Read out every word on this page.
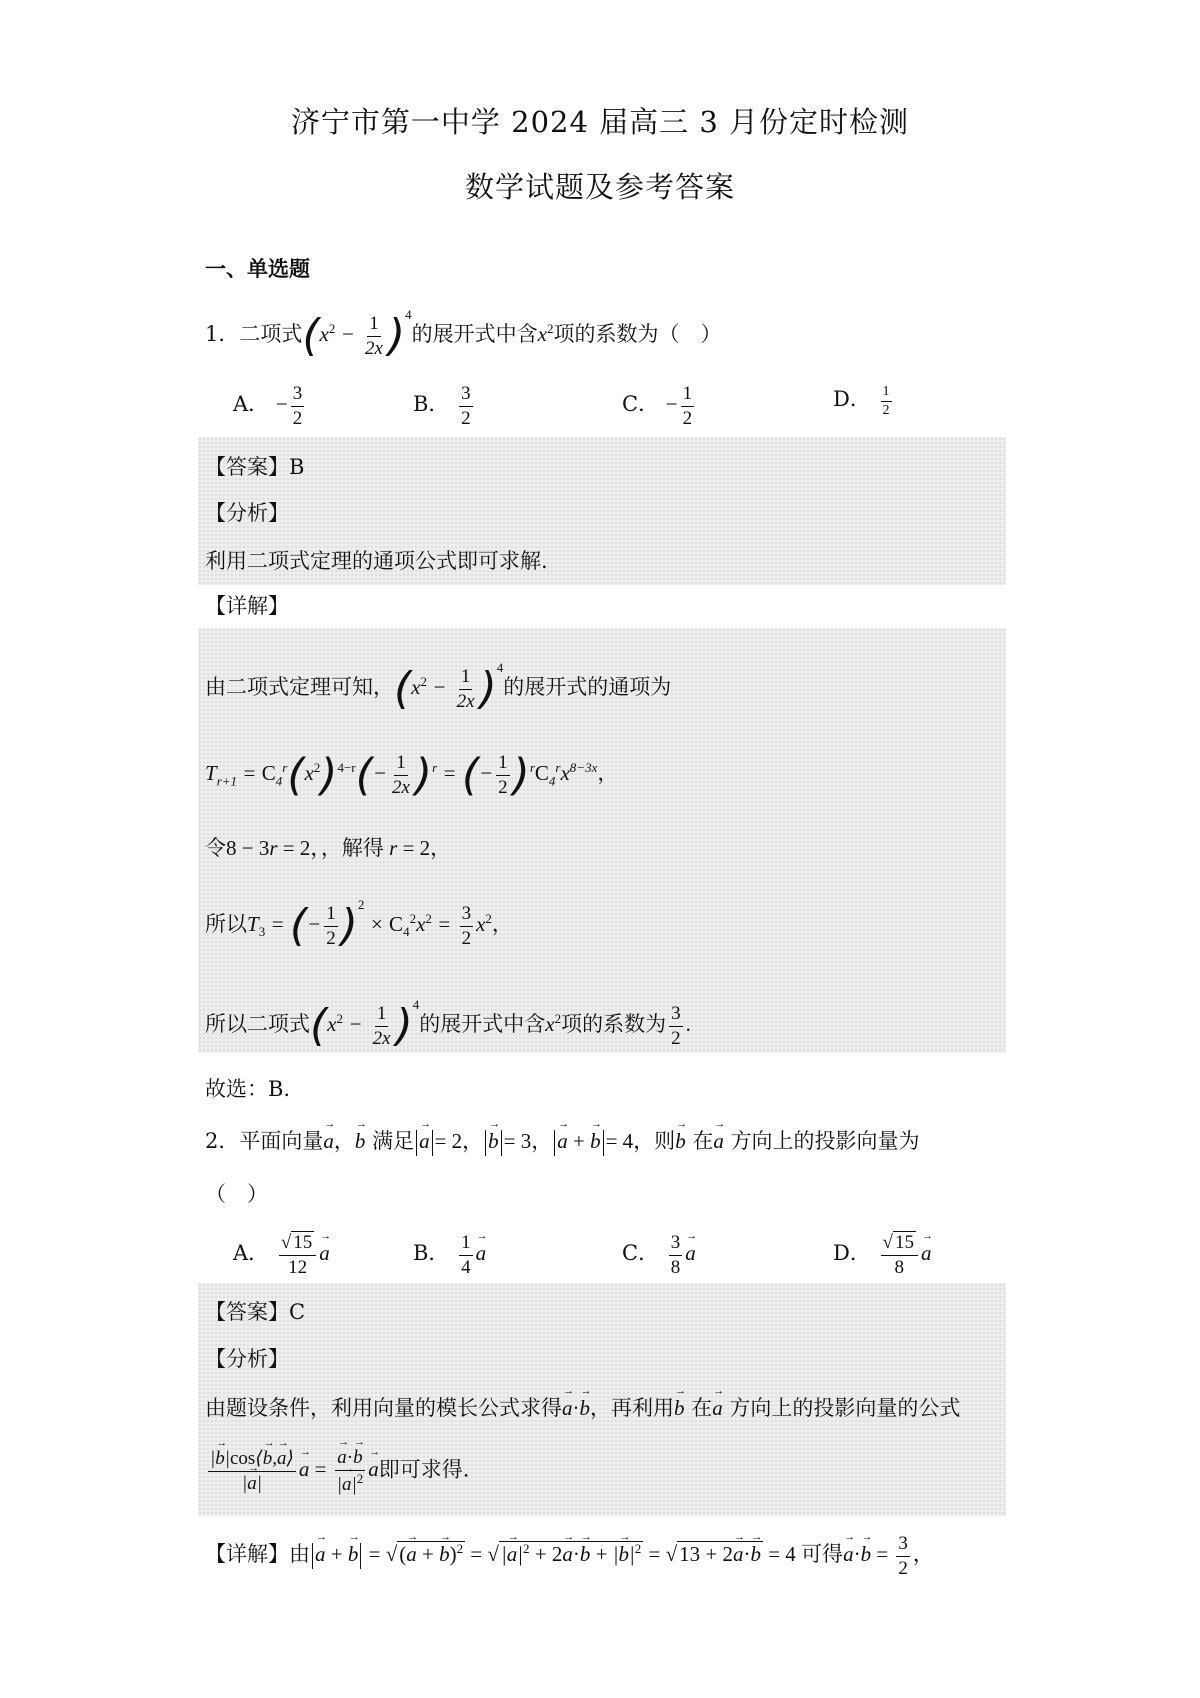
济宁市第一中学 2024 届高三 3 月份定时检测
数学试题及参考答案
一、单选题
1．二项式$(x^2 - \frac{1}{2x} )^4$的展开式中含$x^2$项的系数为（　）
A． − $\frac{3}{2}$	B． $\frac{3}{2}$	C． − $\frac{1}{2}$	D． $\frac{1}{2}$
【答案】B
【分析】
利用二项式定理的通项公式即可求解.
【详解】
由二项式定理可知，$(x^2 - \frac{1}{2x} )^4$的展开式的通项为
$T_{r+1} = C_4^r(x^2)^{4-r}(- \frac{1}{2x} )^r$ = (− $\frac{1}{2} )^rC_4^rx^{8-3x}$，
令8 − 3r = 2，，解得 r = 2，
所以$T_3$ = (− $\frac{1}{2} )^2 \times C_4^2x^2 = \frac{3}{2} x^2$，
所以二项式$(x^2 - \frac{1}{2x} )^4$的展开式中含$x^2$项的系数为 $\frac{3}{2}$ .
故选：B.
2．平面向量→ a，→ b 满足→ a = 2，→ b = 3，→ a + → b = 4，则→ b 在→ a 方向上的投影向量为
（　）
A． $\frac{√ 15}{12}$
→ a	B． $\frac{1}{4}$
→ a	C． $\frac{3}{8}$
→ a	D． $\frac{√ 15}{8}$
→ a
【答案】C
【分析】
由题设条件，利用向量的模长公式求得→ a·→ b，再利用→ b 在→ a 方向上的投影向量的公式
$\frac{|\to b|\cos⟨\to b,\to a⟩}{|\to a|}$
→ a =
→ $\frac{a\cdot\to b}{|\to a|^2}$
→ a即可求得.
【详解】由→ a + → b = √(→ a + → b)$^2$ = √|→ $a|^2 + 2\to a\cdot\to b$ + |→ $b|^2 = √13 + 2\to a\cdot\to b = 4$ 可得→ $a\cdot\to b = \frac{3}{2}$ ，
